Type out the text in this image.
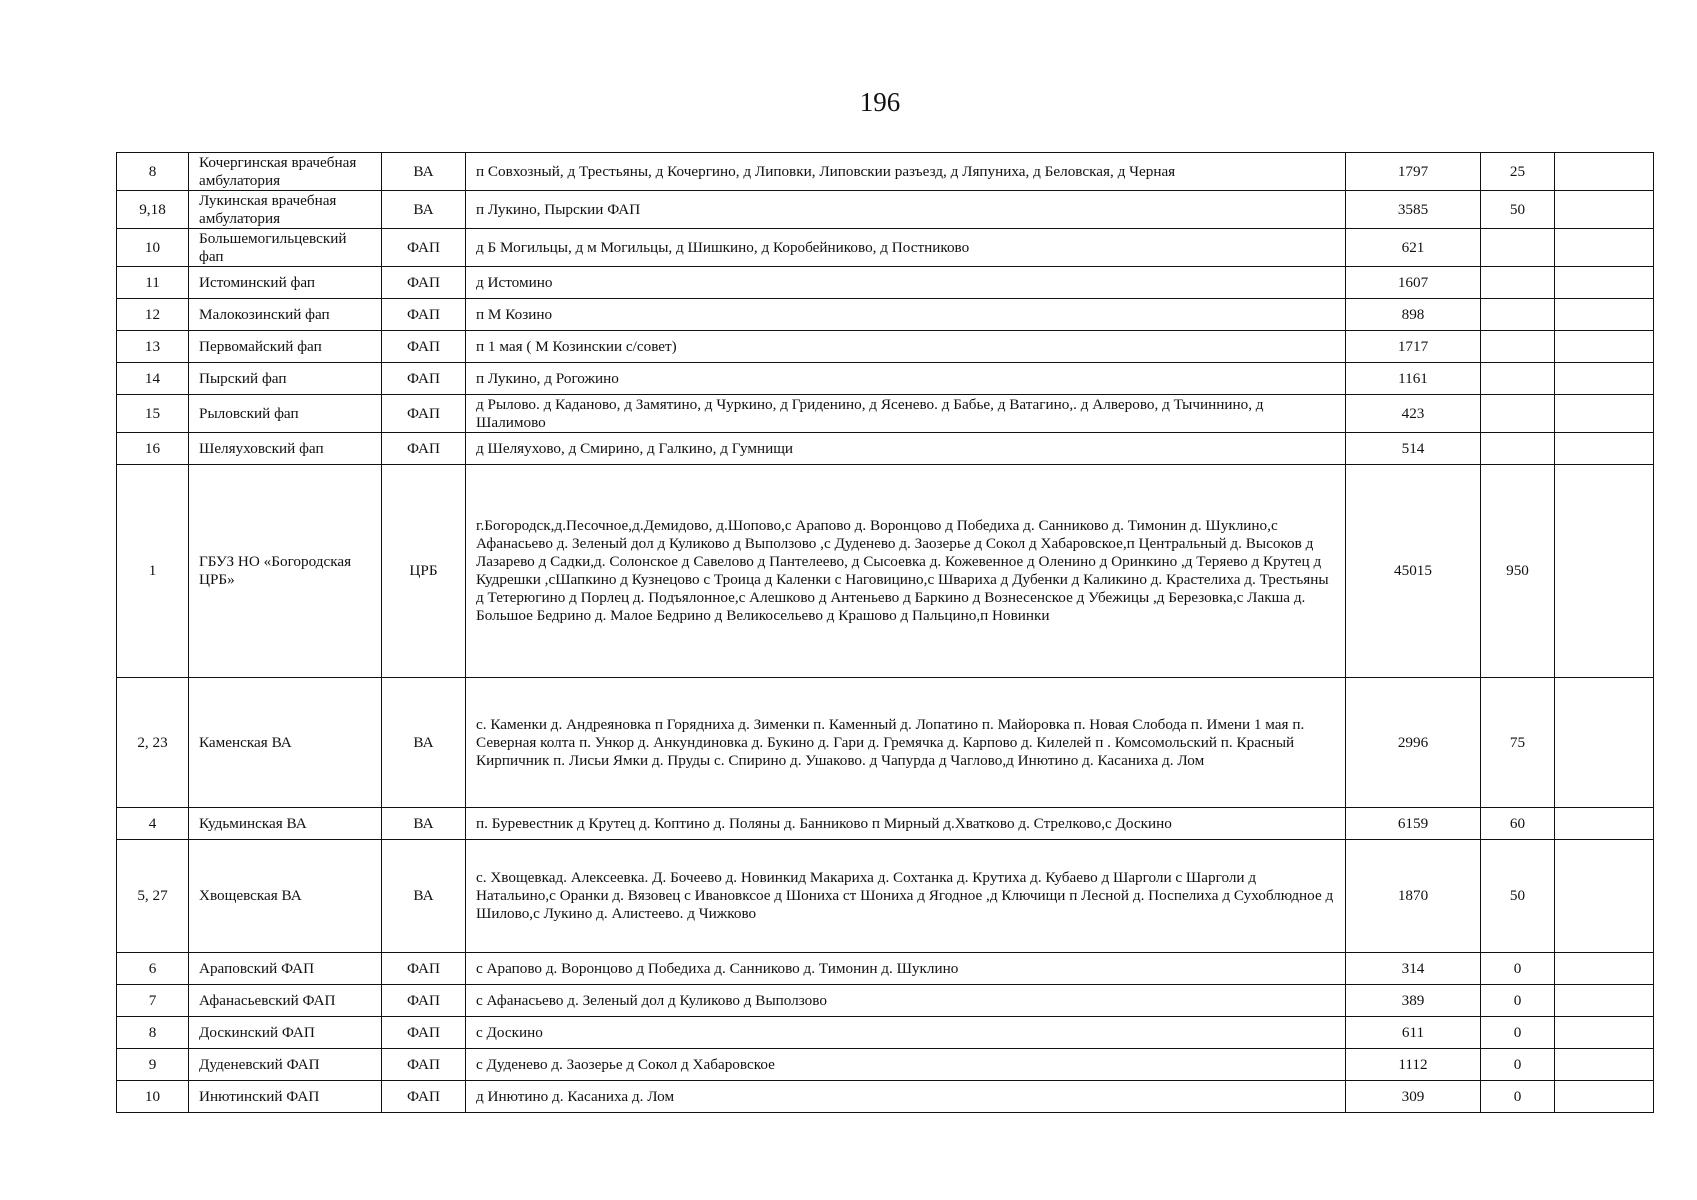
196
8	Кочергинская врачебная амбулатория	ВА	п Совхозный, д Трестьяны, д Кочергино, д Липовки, Липовскии разъезд, д Ляпуниха, д Беловская, д Черная	1797	25	
9,18	Лукинская врачебная амбулатория	ВА	п Лукино, Пырскии ФАП	3585	50	
10	Большемогильцевский фап	ФАП	д Б Могильцы, д м Могильцы, д Шишкино, д Коробейниково, д Постниково	621		
11	Истоминский фап	ФАП	д Истомино	1607		
12	Малокозинский фап	ФАП	п М Козино	898		
13	Первомайский фап	ФАП	п 1 мая ( М Козинскии с/совет)	1717		
14	Пырский фап	ФАП	п Лукино, д Рогожино	1161		
15	Рыловский фап	ФАП	д Рылово. д Каданово, д Замятино, д Чуркино, д Гриденино, д Ясенево. д Бабье, д Ватагино,. д Алверово, д Тычиннино, д Шалимово	423		
16	Шеляуховский фап	ФАП	д Шеляухово, д Смирино, д Галкино, д Гумнищи	514		
1	ГБУЗ НО «Богородская ЦРБ»	ЦРБ	г.Богородск,д.Песочное,д.Демидово, д.Шопово,с Арапово д. Воронцово д Победиха д. Санниково д. Тимонин д. Шуклино,с Афанасьево д. Зеленый дол д Куликово д Выползово ,с Дуденево д. Заозерье д Сокол д Хабаровское,п Центральный д. Высоков д Лазарево д Садки,д. Солонское д Савелово д Пантелеево, д Сысоевка д. Кожевенное д Оленино д Оринкино ,д Теряево д Крутец д Кудрешки ,сШапкино д Кузнецово с Троица д Каленки с Наговицино,с Швариха д Дубенки д Каликино д. Крастелиха д. Трестьяны д Тетерюгино д Порлец д. Подъялонное,с Алешково д Антеньево д Баркино д Вознесенское д Убежицы ,д Березовка,с Лакша д. Большое Бедрино д. Малое Бедрино д Великосельево д Крашово д Пальцино,п Новинки	45015	950	
2, 23	Каменская ВА	ВА	с. Каменки д. Андреяновка п Горядниха д. Зименки п. Каменный д. Лопатино п. Майоровка п. Новая Слобода п. Имени 1 мая п. Северная колта п. Ункор д. Анкундиновка д. Букино д. Гари д. Гремячка д. Карпово д. Килелей п . Комсомольский п. Красный Кирпичник п. Лисьи Ямки д. Пруды с. Спирино д. Ушаково. д Чапурда д Чаглово,д Инютино д. Касаниха д. Лом	2996	75	
4	Кудьминская ВА	ВА	п. Буревестник д Крутец д. Коптино д. Поляны д. Банниково п Мирный д.Хватково д. Стрелково,с Доскино	6159	60	
5, 27	Хвощевская ВА	ВА	с. Хвощевкад. Алексеевка. Д. Бочеево д. Новинкид Макариха д. Сохтанка д. Крутиха д. Кубаево д Шарголи с Шарголи д Натальино,с Оранки д. Вязовец с Ивановксое д Шониха ст Шониха д Ягодное ,д Ключищи п Лесной д. Поспелиха д Сухоблюдное д Шилово,с Лукино д. Алистеево. д Чижково	1870	50	
6	Араповский ФАП	ФАП	с Арапово д. Воронцово д Победиха д. Санниково д. Тимонин д. Шуклино	314	0	
7	Афанасьевский ФАП	ФАП	с Афанасьево д. Зеленый дол д Куликово д Выползово	389	0	
8	Доскинский ФАП	ФАП	с Доскино	611	0	
9	Дуденевский ФАП	ФАП	с Дуденево д. Заозерье д Сокол д Хабаровское	1112	0	
10	Инютинский ФАП	ФАП	д Инютино д. Касаниха д. Лом	309	0	
